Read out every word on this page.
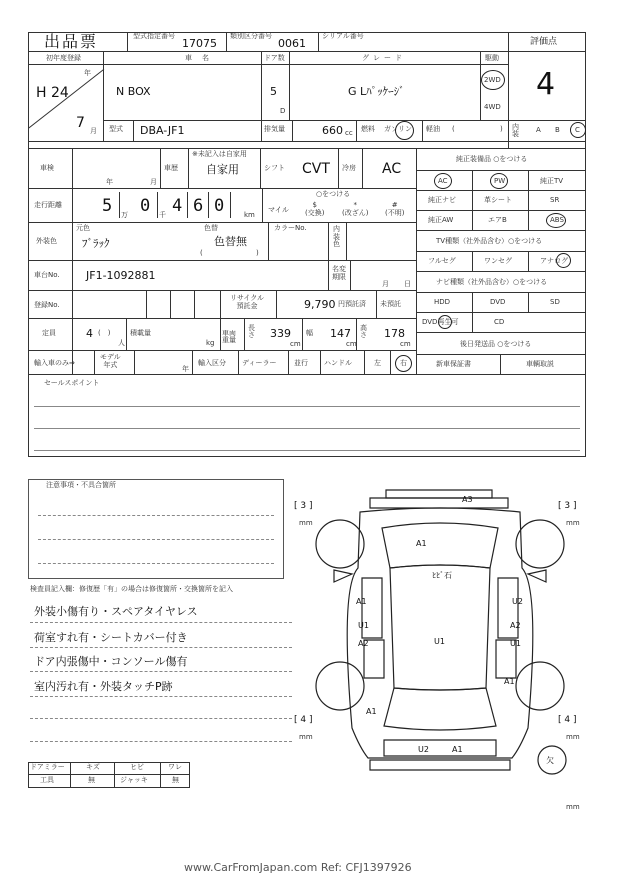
出品票	型式指定番号
17075
類別区分番号
0061
シリアル番号
評価点
4
初年度登録
年
H 24
7 月
車名
N BOX
ドア数
5
D
グレード
G Lﾊﾟｯｹｰｼﾞ
駆動
2WD
4WD
型式 DBA-JF1	排気量	660 cc 燃料 ガソリン 軽油 (	) 内装	A B C
車検
年	月
車歴
※未記入は自家用
自家用	シフト CVT 冷房 AC
走行距離 5 万 0 千 4 6 0	km
○をつける
マイル
$
(交換)
*
(改ざん)
#
(不明)
外装色
元色
ﾌﾞﾗｯｸ
色替
色替無
(	)
カラーNo.	内装色
車台No. JF1-1092881	名変
期限
月 日
登録No.
リサイクル
預託金	9,790 円預託済 未預託
定員	4 (　)
人
積載量
kg
車両重量
長さ 339
cm
幅 147
cm
高さ 178
cm
輸入車のみ⇒
モデル
年式	年
輸入区分 ディーラー	並行 ハンドル	左	右
純正装備品 ○をつける
AC	PW	純正TV
純正ナビ	革シート	SR
純正AW	エアB	ABS
TV種類（社外品含む）○をつける
フルセグ	ワンセグ	アナログ
ナビ種類（社外品含む）○をつける
HDD	DVD	SD
DVD再生可	CD
後日発送品 ○をつける
新車保証書	車輌取説
セールスポイント
注意事項・不具合箇所
検査員記入欄：修復歴「有」の場合は修復箇所・交換箇所を記入
外装小傷有り・スペアタイヤレス
荷室すれ有・シートカバー付き
ドア内張傷中・コンソール傷有
室内汚れ有・外装タッチP跡
ドアミラー	キズ	ヒビ	ワレ
工具	無	ジャッキ	無
A3
A1
ﾋﾋﾞ石
A1	U2
U1
A2	U1
A2
U1
A1
A1
U2	A1
欠
[ 3 ]
mm
[ 3 ]
mm
[ 4 ]
mm
[ 4 ]
mm
mm
www.CarFromJapan.com Ref: CFJ1397926
